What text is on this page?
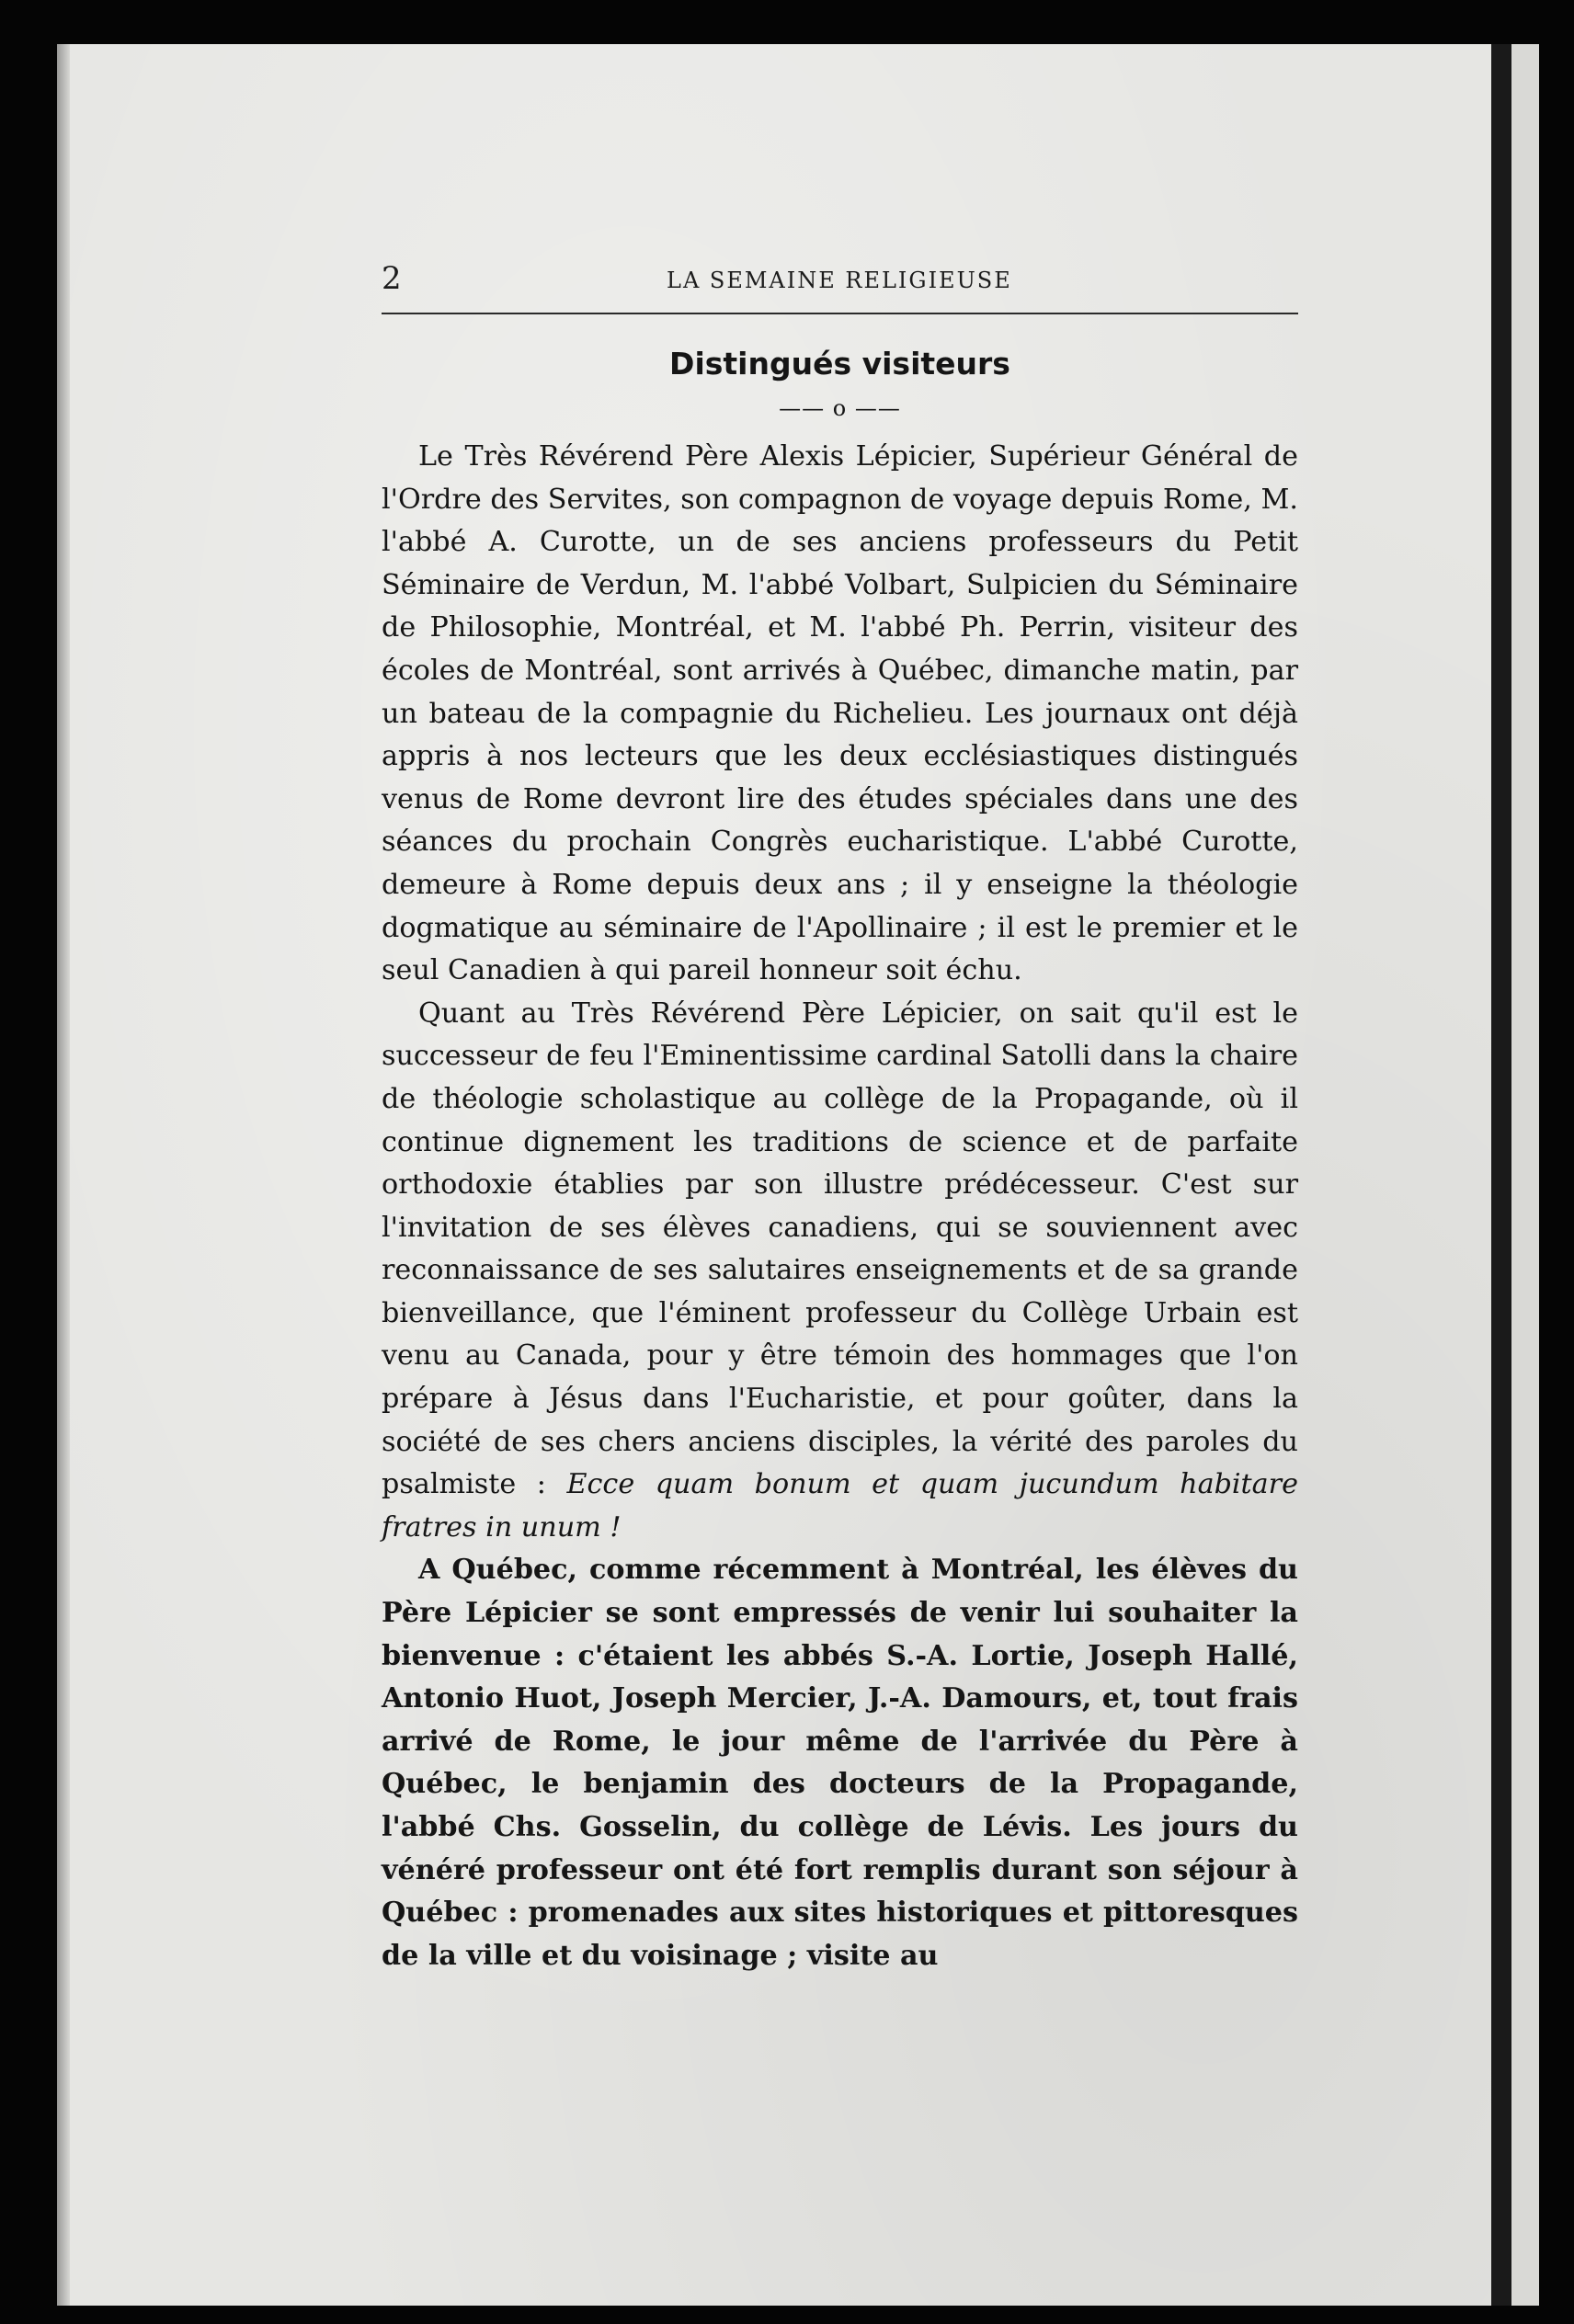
2	LA SEMAINE RELIGIEUSE
Distingués visiteurs
—— o ——

Le Très Révérend Père Alexis Lépicier, Supérieur Général de l'Ordre des Servites, son compagnon de voyage depuis Rome, M. l'abbé A. Curotte, un de ses anciens professeurs du Petit Séminaire de Verdun, M. l'abbé Volbart, Sulpicien du Séminaire de Philosophie, Montréal, et M. l'abbé Ph. Perrin, visiteur des écoles de Montréal, sont arrivés à Québec, dimanche matin, par un bateau de la compagnie du Richelieu. Les journaux ont déjà appris à nos lecteurs que les deux ecclésiastiques distingués venus de Rome devront lire des études spéciales dans une des séances du prochain Congrès eucharistique. L'abbé Curotte, demeure à Rome depuis deux ans ; il y enseigne la théologie dogmatique au séminaire de l'Apollinaire ; il est le premier et le seul Canadien à qui pareil honneur soit échu.

Quant au Très Révérend Père Lépicier, on sait qu'il est le successeur de feu l'Eminentissime cardinal Satolli dans la chaire de théologie scholastique au collège de la Propagande, où il continue dignement les traditions de science et de parfaite orthodoxie établies par son illustre prédécesseur. C'est sur l'invitation de ses élèves canadiens, qui se souviennent avec reconnaissance de ses salutaires enseignements et de sa grande bienveillance, que l'éminent professeur du Collège Urbain est venu au Canada, pour y être témoin des hommages que l'on prépare à Jésus dans l'Eucharistie, et pour goûter, dans la société de ses chers anciens disciples, la vérité des paroles du psalmiste : Ecce quam bonum et quam jucundum habitare fratres in unum !

A Québec, comme récemment à Montréal, les élèves du Père Lépicier se sont empressés de venir lui souhaiter la bienvenue : c'étaient les abbés S.-A. Lortie, Joseph Hallé, Antonio Huot, Joseph Mercier, J.-A. Damours, et, tout frais arrivé de Rome, le jour même de l'arrivée du Père à Québec, le benjamin des docteurs de la Propagande, l'abbé Chs. Gosselin, du collège de Lévis. Les jours du vénéré professeur ont été fort remplis durant son séjour à Québec : promenades aux sites historiques et pittoresques de la ville et du voisinage ; visite au
